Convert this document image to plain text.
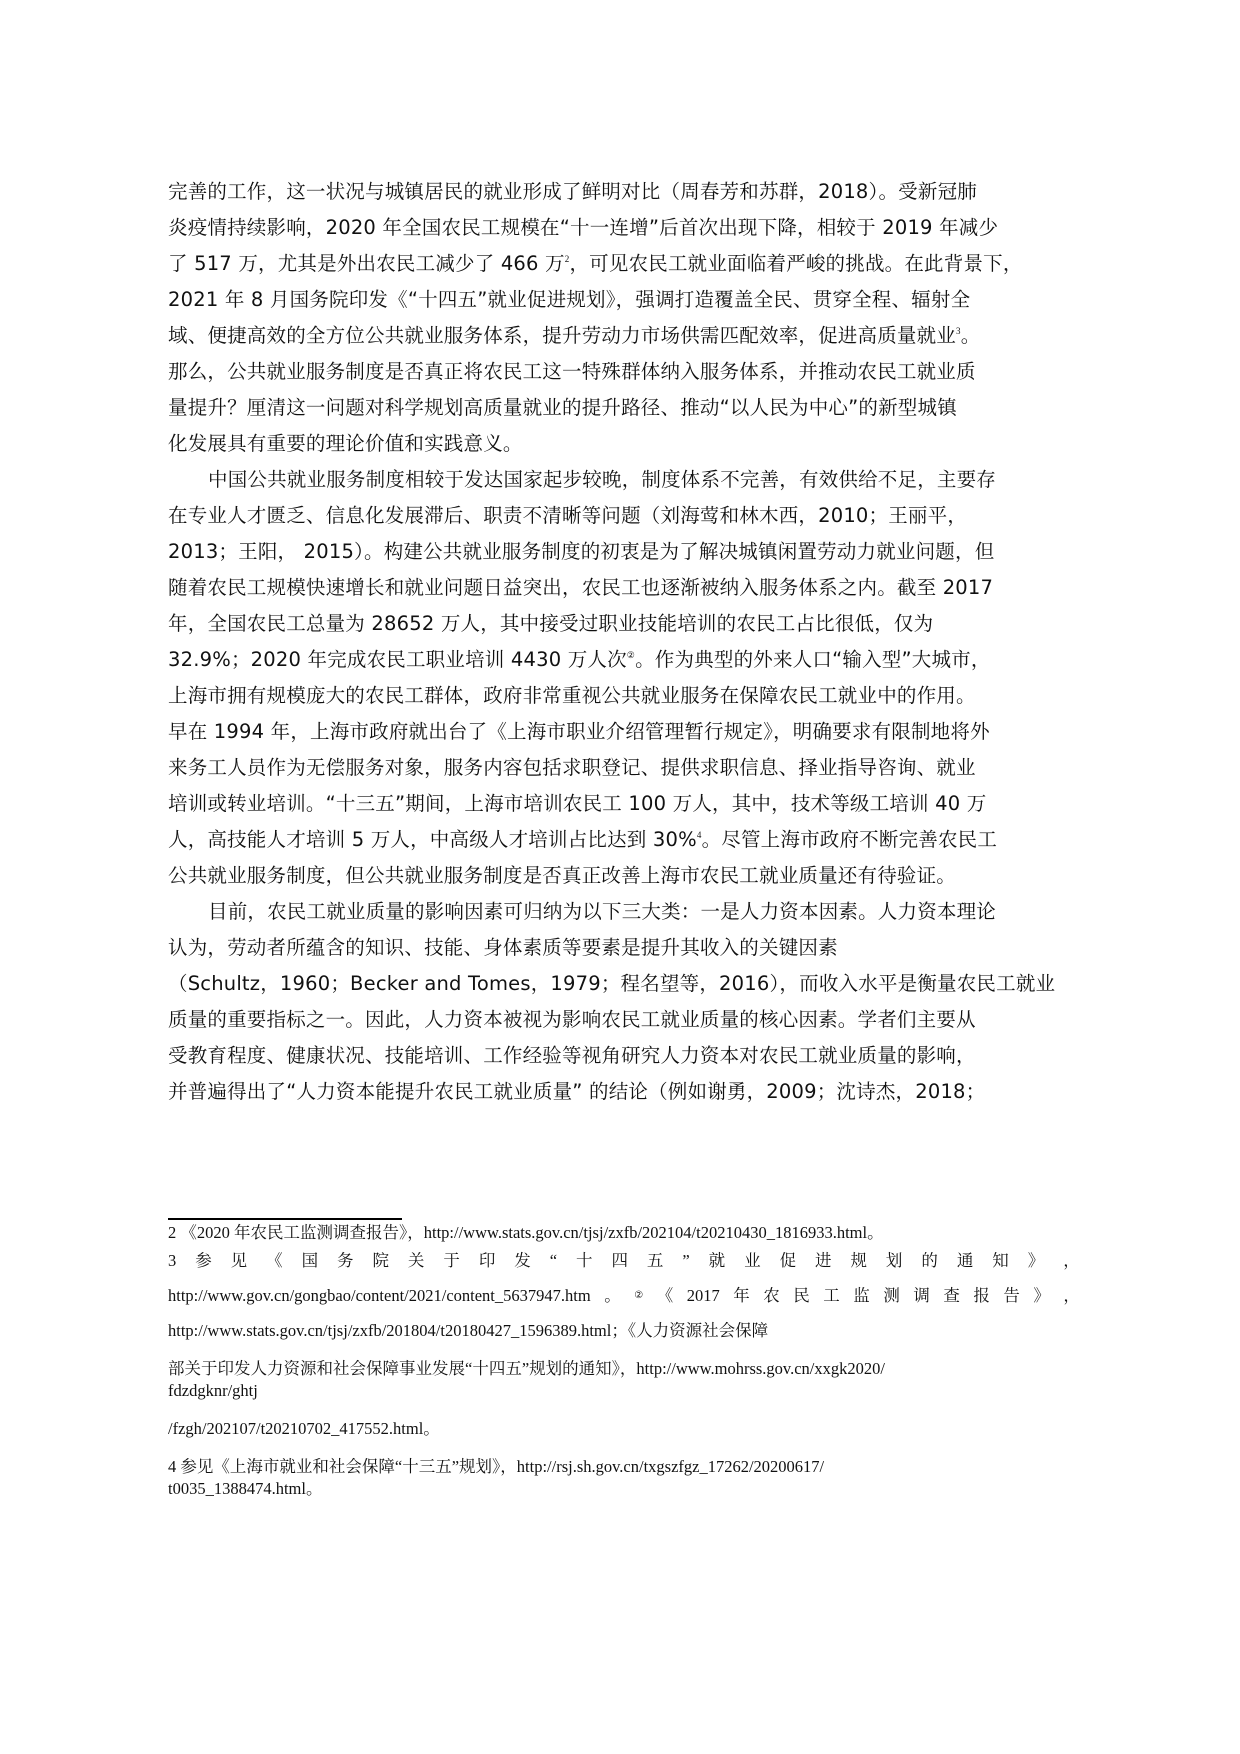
完善的工作，这一状况与城镇居民的就业形成了鲜明对比（周春芳和苏群，2018）。受新冠肺
炎疫情持续影响，2020 年全国农民工规模在“十一连增”后首次出现下降，相较于 2019 年减少
了 517 万，尤其是外出农民工减少了 466 万$^2$，可见农民工就业面临着严峻的挑战。在此背景下，
2021 年 8 月国务院印发《“十四五”就业促进规划》，强调打造覆盖全民、贯穿全程、辐射全
域、便捷高效的全方位公共就业服务体系，提升劳动力市场供需匹配效率，促进高质量就业$^3$。
那么，公共就业服务制度是否真正将农民工这一特殊群体纳入服务体系，并推动农民工就业质
量提升？厘清这一问题对科学规划高质量就业的提升路径、推动“以人民为中心”的新型城镇
化发展具有重要的理论价值和实践意义。
中国公共就业服务制度相较于发达国家起步较晚，制度体系不完善，有效供给不足，主要存
在专业人才匮乏、信息化发展滞后、职责不清晰等问题（刘海莺和林木西，2010；王丽平，
2013；王阳， 2015）。构建公共就业服务制度的初衷是为了解决城镇闲置劳动力就业问题，但
随着农民工规模快速增长和就业问题日益突出，农民工也逐渐被纳入服务体系之内。截至 2017
年，全国农民工总量为 28652 万人，其中接受过职业技能培训的农民工占比很低，仅为
32.9%；2020 年完成农民工职业培训 4430 万人次②。作为典型的外来人口“输入型”大城市，
上海市拥有规模庞大的农民工群体，政府非常重视公共就业服务在保障农民工就业中的作用。
早在 1994 年，上海市政府就出台了《上海市职业介绍管理暂行规定》，明确要求有限制地将外
来务工人员作为无偿服务对象，服务内容包括求职登记、提供求职信息、择业指导咨询、就业
培训或转业培训。“十三五”期间，上海市培训农民工 100 万人，其中，技术等级工培训 40 万
人，高技能人才培训 5 万人，中高级人才培训占比达到 30%$^4$。尽管上海市政府不断完善农民工
公共就业服务制度，但公共就业服务制度是否真正改善上海市农民工就业质量还有待验证。
目前，农民工就业质量的影响因素可归纳为以下三大类：一是人力资本因素。人力资本理论
认为，劳动者所蕴含的知识、技能、身体素质等要素是提升其收入的关键因素
（Schultz，1960；Becker and Tomes，1979；程名望等，2016），而收入水平是衡量农民工就业
质量的重要指标之一。因此，人力资本被视为影响农民工就业质量的核心因素。学者们主要从
受教育程度、健康状况、技能培训、工作经验等视角研究人力资本对农民工就业质量的影响，
并普遍得出了“人力资本能提升农民工就业质量” 的结论（例如谢勇，2009；沈诗杰，2018；
2 《2020 年农民工监测调查报告》，http://www.stats.gov.cn/tjsj/zxfb/202104/t20210430_1816933.html。
3 参 见 《 国 务 院 关 于 印 发 “ 十 四 五 ” 就 业 促 进 规 划 的 通 知 》 ，
http://www.gov.cn/gongbao/content/2021/content_5637947.htm 。 ② 《 2017 年 农 民 工 监 测 调 查 报 告 》 ，
http://www.stats.gov.cn/tjsj/zxfb/201804/t20180427_1596389.html；《人力资源社会保障
部关于印发人力资源和社会保障事业发展“十四五”规划的通知》，http://www.mohrss.gov.cn/xxgk2020/
fdzdgknr/ghtj
/fzgh/202107/t20210702_417552.html。
4 参见《上海市就业和社会保障“十三五”规划》，http://rsj.sh.gov.cn/txgszfgz_17262/20200617/
t0035_1388474.html。
